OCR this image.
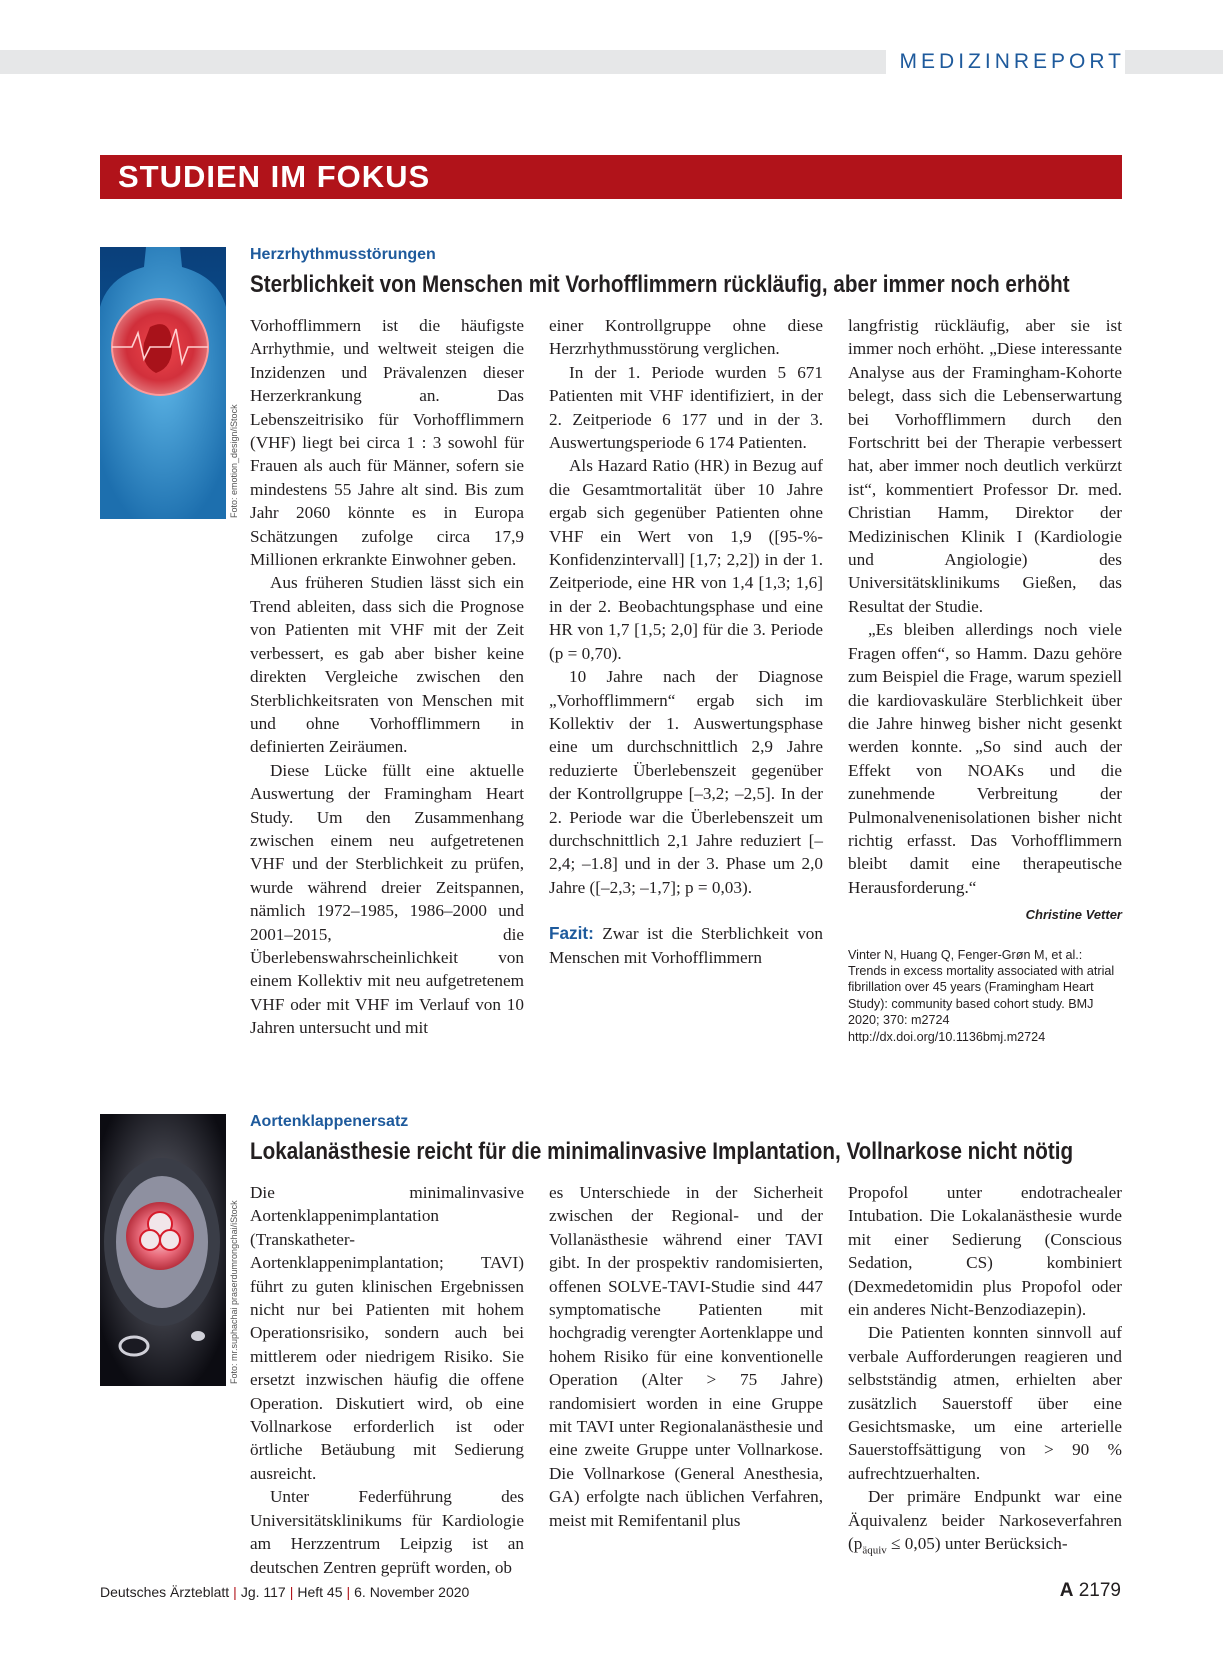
MEDIZINREPORT
STUDIEN IM FOKUS
Foto: emotion_design/iStock
Herzrhythmusstörungen
Sterblichkeit von Menschen mit Vorhofflimmern rückläufig, aber immer noch erhöht

Vorhofflimmern ist die häufigste Arrhythmie, und weltweit steigen die Inzidenzen und Prävalenzen dieser Herzerkrankung an. Das Lebenszeitrisiko für Vorhofflimmern (VHF) liegt bei circa 1 : 3 sowohl für Frauen als auch für Männer, sofern sie mindestens 55 Jahre alt sind. Bis zum Jahr 2060 könnte es in Europa Schätzungen zufolge circa 17,9 Millionen erkrankte Einwohner geben.

Aus früheren Studien lässt sich ein Trend ableiten, dass sich die Prognose von Patienten mit VHF mit der Zeit verbessert, es gab aber bisher keine direkten Vergleiche zwischen den Sterblichkeitsraten von Menschen mit und ohne Vorhofflimmern in definierten Zeiräumen.

Diese Lücke füllt eine aktuelle Auswertung der Framingham Heart Study. Um den Zusammenhang zwischen einem neu aufgetretenen VHF und der Sterblichkeit zu prüfen, wurde während dreier Zeitspannen, nämlich 1972–1985, 1986–2000 und 2001–2015, die Überlebenswahrscheinlichkeit von einem Kollektiv mit neu aufgetretenem VHF oder mit VHF im Verlauf von 10 Jahren untersucht und mit

einer Kontrollgruppe ohne diese Herzrhythmusstörung verglichen.

In der 1. Periode wurden 5 671 Patienten mit VHF identifiziert, in der 2. Zeitperiode 6 177 und in der 3. Auswertungsperiode 6 174 Patienten.

Als Hazard Ratio (HR) in Bezug auf die Gesamtmortalität über 10 Jahre ergab sich gegenüber Patienten ohne VHF ein Wert von 1,9 ([95-%-Konfidenzintervall] [1,7; 2,2]) in der 1. Zeitperiode, eine HR von 1,4 [1,3; 1,6] in der 2. Beobachtungsphase und eine HR von 1,7 [1,5; 2,0] für die 3. Periode (p = 0,70).

10 Jahre nach der Diagnose „Vorhofflimmern“ ergab sich im Kollektiv der 1. Auswertungsphase eine um durchschnittlich 2,9 Jahre reduzierte Überlebenszeit gegenüber der Kontrollgruppe [–3,2; –2,5]. In der 2. Periode war die Überlebenszeit um durchschnittlich 2,1 Jahre reduziert [–2,4; –1.8] und in der 3. Phase um 2,0 Jahre ([–2,3; –1,7]; p = 0,03).

Fazit: Zwar ist die Sterblichkeit von Menschen mit Vorhofflimmern

langfristig rückläufig, aber sie ist immer noch erhöht. „Diese interessante Analyse aus der Framingham-Kohorte belegt, dass sich die Lebenserwartung bei Vorhofflimmern durch den Fortschritt bei der Therapie verbessert hat, aber immer noch deutlich verkürzt ist“, kommentiert Professor Dr. med. Christian Hamm, Direktor der Medizinischen Klinik I (Kardiologie und Angiologie) des Universitätsklinikums Gießen, das Resultat der Studie.

„Es bleiben allerdings noch viele Fragen offen“, so Hamm. Dazu gehöre zum Beispiel die Frage, warum speziell die kardiovaskuläre Sterblichkeit über die Jahre hinweg bisher nicht gesenkt werden konnte. „So sind auch der Effekt von NOAKs und die zunehmende Verbreitung der Pulmonalvenenisolationen bisher nicht richtig erfasst. Das Vorhofflimmern bleibt damit eine therapeutische Herausforderung.“

Christine Vetter
Vinter N, Huang Q, Fenger-Grøn M, et al.: Trends in excess mortality associated with atrial fibrillation over 45 years (Framingham Heart Study): community based cohort study. BMJ 2020; 370: m2724 http://dx.doi.org/10.1136bmj.m2724
Foto: mr.suphachai praserdumrongchai/iStock
Aortenklappenersatz
Lokalanästhesie reicht für die minimalinvasive Implantation, Vollnarkose nicht nötig

Die minimalinvasive Aortenklappenimplantation (Transkatheter-Aortenklappenimplantation; TAVI) führt zu guten klinischen Ergebnissen nicht nur bei Patienten mit hohem Operationsrisiko, sondern auch bei mittlerem oder niedrigem Risiko. Sie ersetzt inzwischen häufig die offene Operation. Diskutiert wird, ob eine Vollnarkose erforderlich ist oder örtliche Betäubung mit Sedierung ausreicht.

Unter Federführung des Universitätsklinikums für Kardiologie am Herzzentrum Leipzig ist an deutschen Zentren geprüft worden, ob

es Unterschiede in der Sicherheit zwischen der Regional- und der Vollanästhesie während einer TAVI gibt. In der prospektiv randomisierten, offenen SOLVE-TAVI-Studie sind 447 symptomatische Patienten mit hochgradig verengter Aortenklappe und hohem Risiko für eine konventionelle Operation (Alter > 75 Jahre) randomisiert worden in eine Gruppe mit TAVI unter Regionalanästhesie und eine zweite Gruppe unter Vollnarkose. Die Vollnarkose (General Anesthesia, GA) erfolgte nach üblichen Verfahren, meist mit Remifentanil plus

Propofol unter endotrachealer Intubation. Die Lokalanästhesie wurde mit einer Sedierung (Conscious Sedation, CS) kombiniert (Dexmedetomidin plus Propofol oder ein anderes Nicht-Benzodiazepin).

Die Patienten konnten sinnvoll auf verbale Aufforderungen reagieren und selbstständig atmen, erhielten aber zusätzlich Sauerstoff über eine Gesichtsmaske, um eine arterielle Sauerstoffsättigung von > 90 % aufrechtzuerhalten.

Der primäre Endpunkt war eine Äquivalenz beider Narkoseverfahren $(p_{äquiv} \le 0,05)$ unter Berücksich-

Deutsches Ärzteblatt | Jg. 117 | Heft 45 | 6. November 2020	A 2179
